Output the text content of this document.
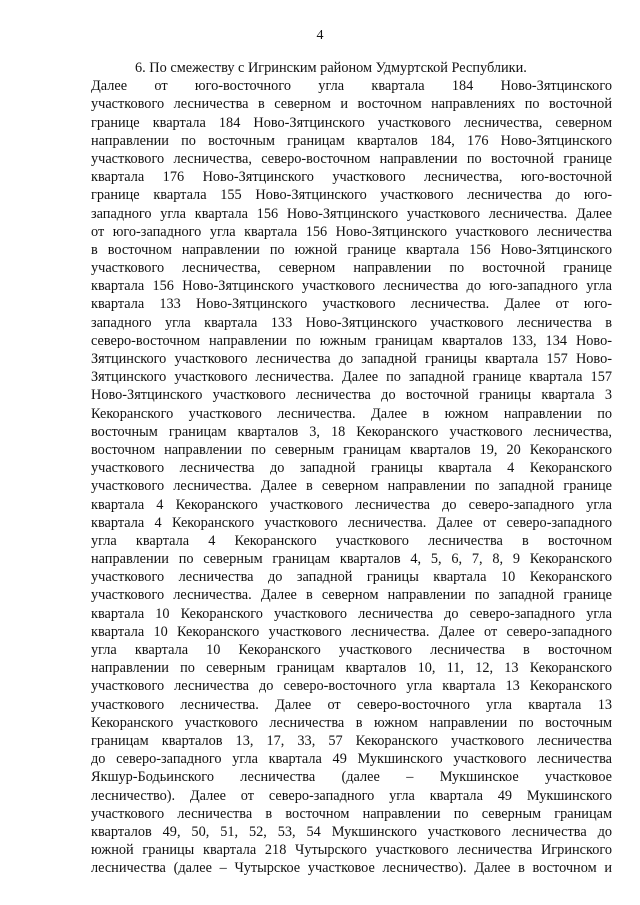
4
6. По смежеству с Игринским районом Удмуртской Республики.
Далее от юго-восточного угла квартала 184 Ново-Зятцинского
участкового лесничества в северном и восточном направлениях по восточной
границе квартала 184 Ново-Зятцинского участкового лесничества, северном
направлении по восточным границам кварталов 184, 176 Ново-Зятцинского
участкового лесничества, северо-восточном направлении по восточной границе
квартала 176 Ново-Зятцинского участкового лесничества, юго-восточной
границе квартала 155 Ново-Зятцинского участкового лесничества до юго-
западного угла квартала 156 Ново-Зятцинского участкового лесничества. Далее
от юго-западного угла квартала 156 Ново-Зятцинского участкового лесничества
в восточном направлении по южной границе квартала 156 Ново-Зятцинского
участкового лесничества, северном направлении по восточной границе
квартала 156 Ново-Зятцинского участкового лесничества до юго-западного угла
квартала 133 Ново-Зятцинского участкового лесничества. Далее от юго-
западного угла квартала 133 Ново-Зятцинского участкового лесничества в
северо-восточном направлении по южным границам кварталов 133, 134 Ново-
Зятцинского участкового лесничества до западной границы квартала 157 Ново-
Зятцинского участкового лесничества. Далее по западной границе квартала 157
Ново-Зятцинского участкового лесничества до восточной границы квартала 3
Кекоранского участкового лесничества. Далее в южном направлении по
восточным границам кварталов 3, 18 Кекоранского участкового лесничества,
восточном направлении по северным границам кварталов 19, 20 Кекоранского
участкового лесничества до западной границы квартала 4 Кекоранского
участкового лесничества. Далее в северном направлении по западной границе
квартала 4 Кекоранского участкового лесничества до северо-западного угла
квартала 4 Кекоранского участкового лесничества. Далее от северо-западного
угла квартала 4 Кекоранского участкового лесничества в восточном
направлении по северным границам кварталов 4, 5, 6, 7, 8, 9 Кекоранского
участкового лесничества до западной границы квартала 10 Кекоранского
участкового лесничества. Далее в северном направлении по западной границе
квартала 10 Кекоранского участкового лесничества до северо-западного угла
квартала 10 Кекоранского участкового лесничества. Далее от северо-западного
угла квартала 10 Кекоранского участкового лесничества в восточном
направлении по северным границам кварталов 10, 11, 12, 13 Кекоранского
участкового лесничества до северо-восточного угла квартала 13 Кекоранского
участкового лесничества. Далее от северо-восточного угла квартала 13
Кекоранского участкового лесничества в южном направлении по восточным
границам кварталов 13, 17, 33, 57 Кекоранского участкового лесничества
до северо-западного угла квартала 49 Мукшинского участкового лесничества
Якшур-Бодьинского лесничества (далее – Мукшинское участковое
лесничество). Далее от северо-западного угла квартала 49 Мукшинского
участкового лесничества в восточном направлении по северным границам
кварталов 49, 50, 51, 52, 53, 54 Мукшинского участкового лесничества до
южной границы квартала 218 Чутырского участкового лесничества Игринского
лесничества (далее – Чутырское участковое лесничество). Далее в восточном и
